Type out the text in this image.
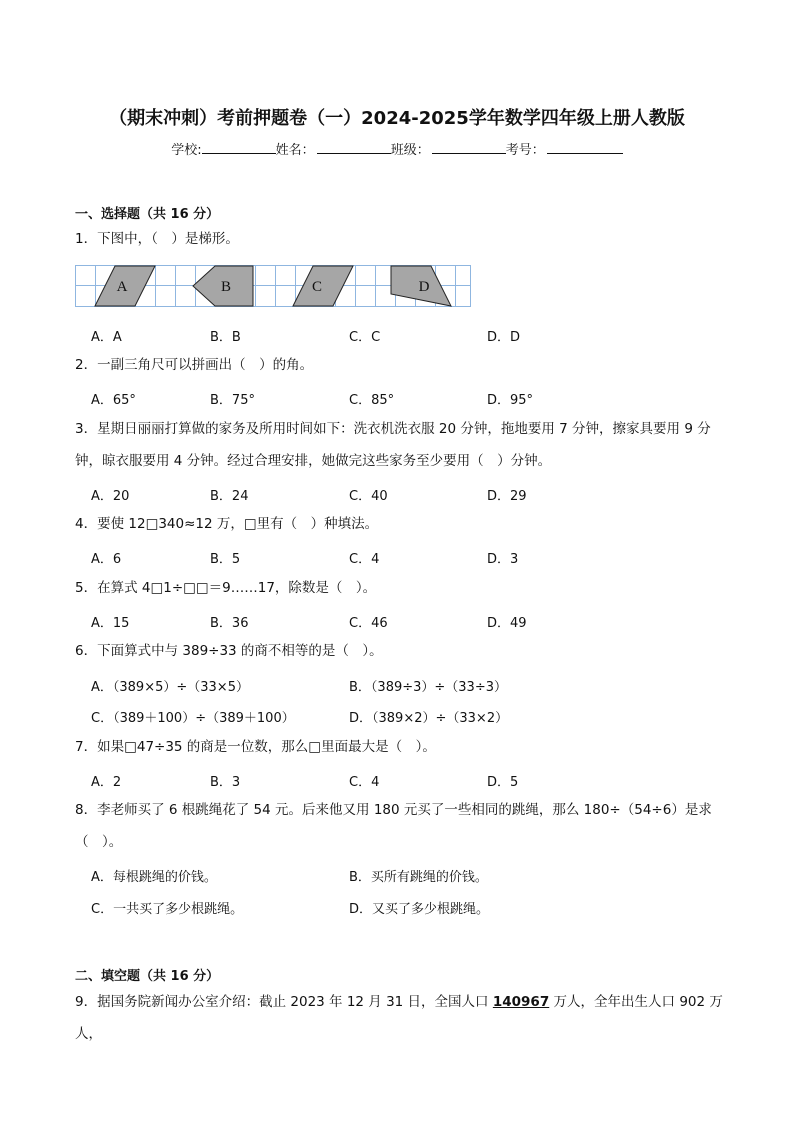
（期末冲刺）考前押题卷（一）2024-2025学年数学四年级上册人教版
学校:	姓名：	班级：	考号：
一、选择题（共 16 分）
1．下图中，（　）是梯形。
A	B	C	D
A．A	B．B	C．C	D．D
2．一副三角尺可以拼画出（　）的角。
A．65°	B．75°	C．85°	D．95°
3．星期日丽丽打算做的家务及所用时间如下：洗衣机洗衣服 20 分钟，拖地要用 7 分钟，擦家具要用 9 分
钟，晾衣服要用 4 分钟。经过合理安排，她做完这些家务至少要用（　）分钟。
A．20	B．24	C．40	D．29
4．要使 12□340≈12 万，□里有（　）种填法。
A．6	B．5	C．4	D．3
5．在算式 4□1÷□□＝9……17，除数是（　）。
A．15	B．36	C．46	D．49
6．下面算式中与 389÷33 的商不相等的是（　）。
A．（389×5）÷（33×5）	B．（389÷3）÷（33÷3）
C．（389＋100）÷（389＋100）	D．（389×2）÷（33×2）
7．如果□47÷35 的商是一位数，那么□里面最大是（　）。
A．2	B．3	C．4	D．5
8．李老师买了 6 根跳绳花了 54 元。后来他又用 180 元买了一些相同的跳绳，那么 180÷（54÷6）是求
（　）。
A．每根跳绳的价钱。	B．买所有跳绳的价钱。
C．一共买了多少根跳绳。	D．又买了多少根跳绳。
二、填空题（共 16 分）
9．据国务院新闻办公室介绍：截止 2023 年 12 月 31 日，全国人口 140967 万人，全年出生人口 902 万人，
